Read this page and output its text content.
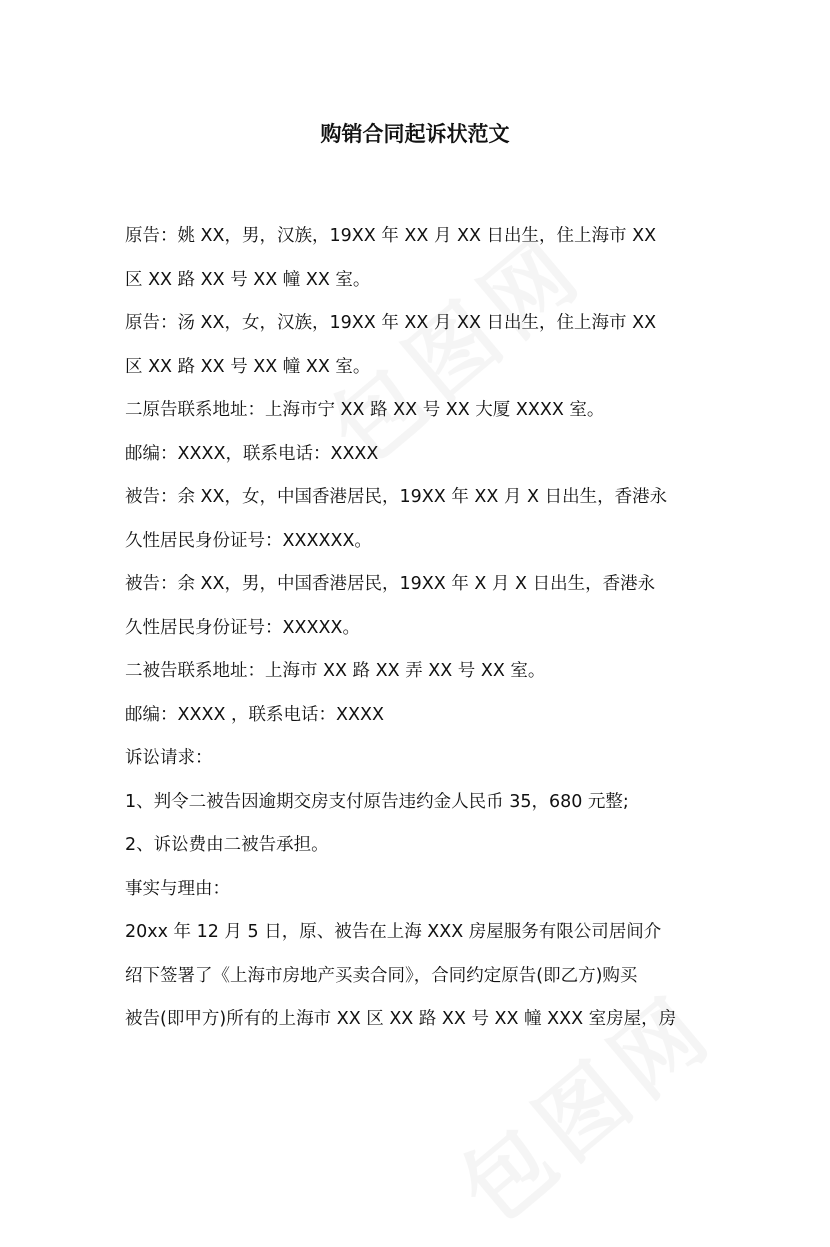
购销合同起诉状范文
原告：姚 XX，男，汉族，19XX 年 XX 月 XX 日出生，住上海市 XX
区 XX 路 XX 号 XX 幢 XX 室。
原告：汤 XX，女，汉族，19XX 年 XX 月 XX 日出生，住上海市 XX
区 XX 路 XX 号 XX 幢 XX 室。
二原告联系地址：上海市宁 XX 路 XX 号 XX 大厦 XXXX 室。
邮编：XXXX，联系电话：XXXX
被告：余 XX，女，中国香港居民，19XX 年 XX 月 X 日出生，香港永
久性居民身份证号：XXXXXX。
被告：余 XX，男，中国香港居民，19XX 年 X 月 X 日出生，香港永
久性居民身份证号：XXXXX。
二被告联系地址：上海市 XX 路 XX 弄 XX 号 XX 室。
邮编：XXXX ，联系电话：XXXX
诉讼请求：
1、判令二被告因逾期交房支付原告违约金人民币 35，680 元整;
2、诉讼费由二被告承担。
事实与理由：
20xx 年 12 月 5 日，原、被告在上海 XXX 房屋服务有限公司居间介
绍下签署了《上海市房地产买卖合同》，合同约定原告(即乙方)购买
被告(即甲方)所有的上海市 XX 区 XX 路 XX 号 XX 幢 XXX 室房屋，房
